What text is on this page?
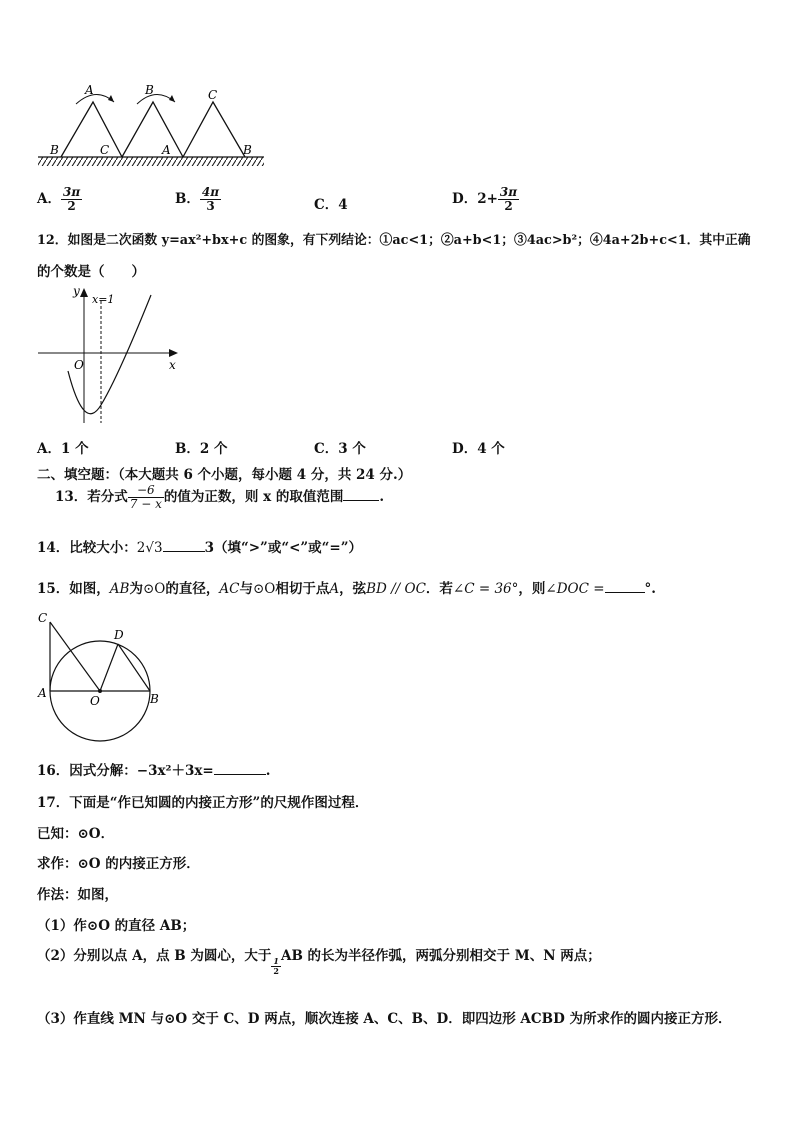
A	B	C
B	C	A	B
A． $\frac{3\pi}{2}$	B． $\frac{4\pi}{3}$	C．4	D．$2+ \frac{3\pi}{2}$
12．如图是二次函数 y=ax²+bx+c 的图象，有下列结论：①ac<1；②a+b<1；③4ac>b²；④4a+2b+c<1．其中正确
的个数是（　　）
y
x
O
x=1
A．1 个	B．2 个	C．3 个	D．4 个
二、填空题：（本大题共 6 个小题，每小题 4 分，共 24 分.）
13．若分式 $\frac{-6}{7 - x}$ 的值为正数，则 x 的取值范围	.
14．比较大小：2√3	3（填“>”或“<”或“=”）
15．如图，AB为⊙O的直径，AC与⊙O相切于点A，弦BD // OC．若∠C = 36°，则∠DOC =	°.
C
D
A
O	B
16．因式分解：−3x²＋3x=	.
17．下面是“作已知圆的内接正方形”的尺规作图过程．
已知：⊙O．
求作：⊙O 的内接正方形．
作法：如图，
（1）作⊙O 的直径 AB；
（2）分别以点 A，点 B 为圆心，大于
$\frac{1}{2}$
AB 的长为半径作弧，两弧分别相交于 M、N 两点；
（3）作直线 MN 与⊙O 交于 C、D 两点，顺次连接 A、C、B、D．即四边形 ACBD 为所求作的圆内接正方形．
